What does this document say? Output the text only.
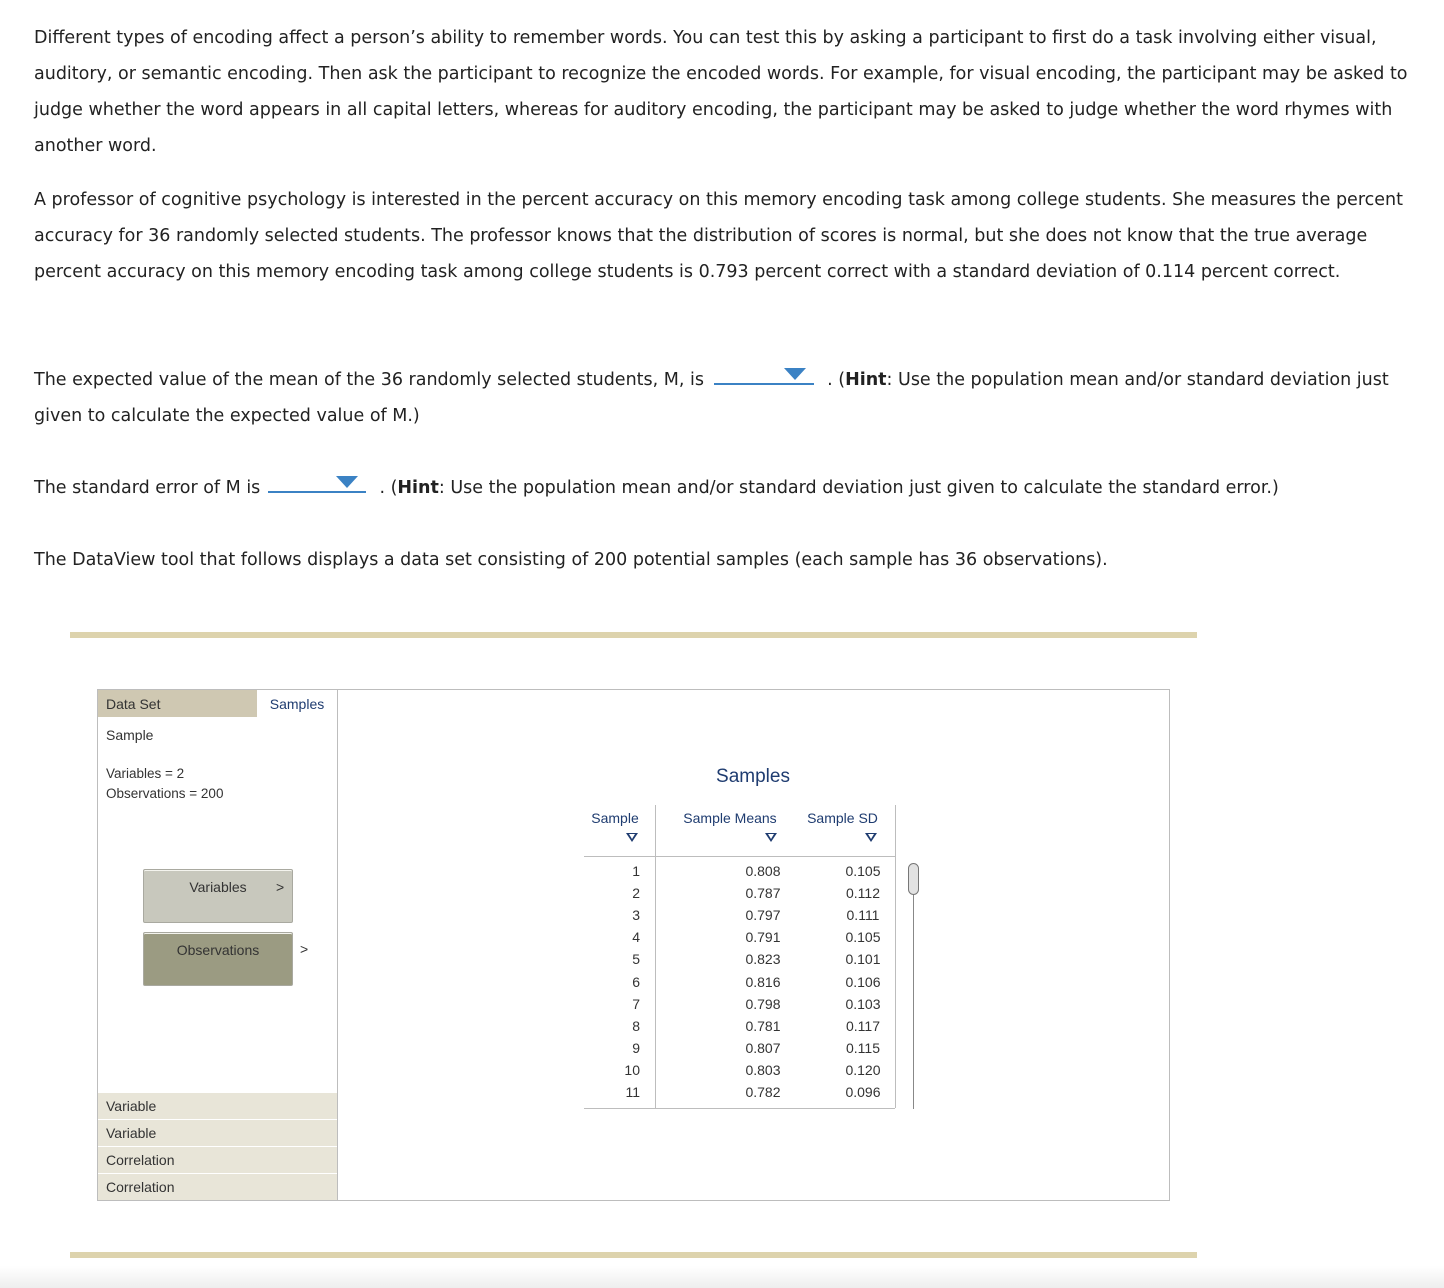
Different types of encoding affect a person’s ability to remember words. You can test this by asking a participant to first do a task involving either visual, auditory, or semantic encoding. Then ask the participant to recognize the encoded words. For example, for visual encoding, the participant may be asked to judge whether the word appears in all capital letters, whereas for auditory encoding, the participant may be asked to judge whether the word rhymes with another word.
A professor of cognitive psychology is interested in the percent accuracy on this memory encoding task among college students. She measures the percent accuracy for 36 randomly selected students. The professor knows that the distribution of scores is normal, but she does not know that the true average percent accuracy on this memory encoding task among college students is 0.793 percent correct with a standard deviation of 0.114 percent correct.
The expected value of the mean of the 36 randomly selected students, M, is	. (Hint: Use the population mean and/or standard deviation just given to calculate the expected value of M.)
The standard error of M is	. (Hint: Use the population mean and/or standard deviation just given to calculate the standard error.)
The DataView tool that follows displays a data set consisting of 200 potential samples (each sample has 36 observations).
Data Set	Samples
Sample
Variables = 2
Observations = 200
Variables	>
Observations	>
Variable
Variable
Correlation
Correlation
Samples
Sample	Sample Means	Sample SD
1	0.808	0.105
2	0.787	0.112
3	0.797	0.111
4	0.791	0.105
5	0.823	0.101
6	0.816	0.106
7	0.798	0.103
8	0.781	0.117
9	0.807	0.115
10	0.803	0.120
11	0.782	0.096
